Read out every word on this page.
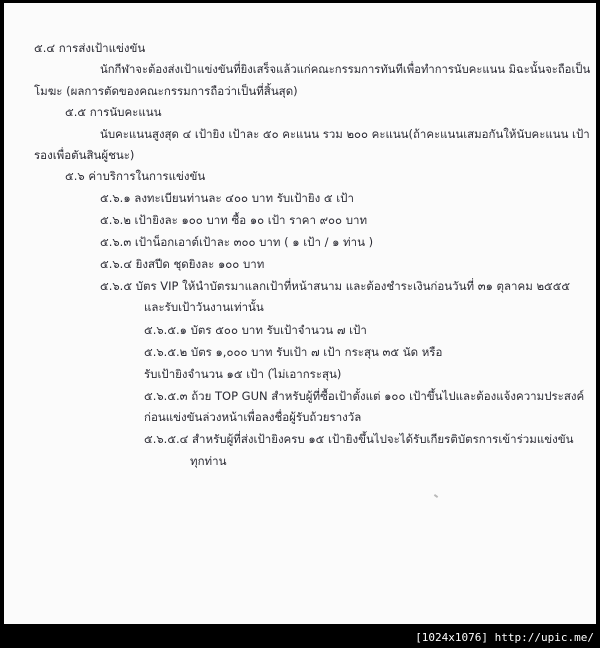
๕.๔ การส่งเป้าแข่งขัน
นักกีฬาจะต้องส่งเป้าแข่งขันที่ยิงเสร็จแล้วแก่คณะกรรมการทันทีเพื่อทำการนับคะแนน มิฉะนั้นจะถือเป็น
โมฆะ (ผลการตัดของคณะกรรมการถือว่าเป็นที่สิ้นสุด)
๕.๕ การนับคะแนน
นับคะแนนสูงสุด ๔ เป้ายิง เป้าละ ๕๐ คะแนน รวม ๒๐๐ คะแนน(ถ้าคะแนนเสมอกันให้นับคะแนน เป้า
รองเพื่อตันสินผู้ชนะ)
๕.๖ ค่าบริการในการแข่งขัน
๕.๖.๑ ลงทะเบียนท่านละ ๔๐๐ บาท รับเป้ายิง ๕ เป้า
๕.๖.๒ เป้ายิงละ ๑๐๐ บาท ซื้อ ๑๐ เป้า ราคา ๙๐๐ บาท
๕.๖.๓ เป้าน็อกเอาต์เป้าละ ๓๐๐ บาท ( ๑ เป้า / ๑ ท่าน )
๕.๖.๔ ยิงสปีด ชุดยิงละ ๑๐๐ บาท
๕.๖.๕ บัตร VIP ให้นำบัตรมาแลกเป้าที่หน้าสนาม และต้องชำระเงินก่อนวันที่ ๓๑ ตุลาคม ๒๕๕๕
และรับเป้าวันงานเท่านั้น
๕.๖.๕.๑ บัตร ๕๐๐ บาท รับเป้าจำนวน ๗ เป้า
๕.๖.๕.๒ บัตร ๑,๐๐๐ บาท รับเป้า ๗ เป้า กระสุน ๓๕ นัด หรือ
รับเป้ายิงจำนวน ๑๕ เป้า (ไม่เอากระสุน)
๕.๖.๕.๓ ถ้วย TOP GUN สำหรับผู้ที่ซื้อเป้าตั้งแต่ ๑๐๐ เป้าขึ้นไปและต้องแจ้งความประสงค์
ก่อนแข่งขันล่วงหน้าเพื่อลงชื่อผู้รับถ้วยรางวัล
๕.๖.๕.๔ สำหรับผู้ที่ส่งเป้ายิงครบ ๑๕ เป้ายิงขึ้นไปจะได้รับเกียรติบัตรการเข้าร่วมแข่งขัน
ทุกท่าน
[1024x1076] http://upic.me/
